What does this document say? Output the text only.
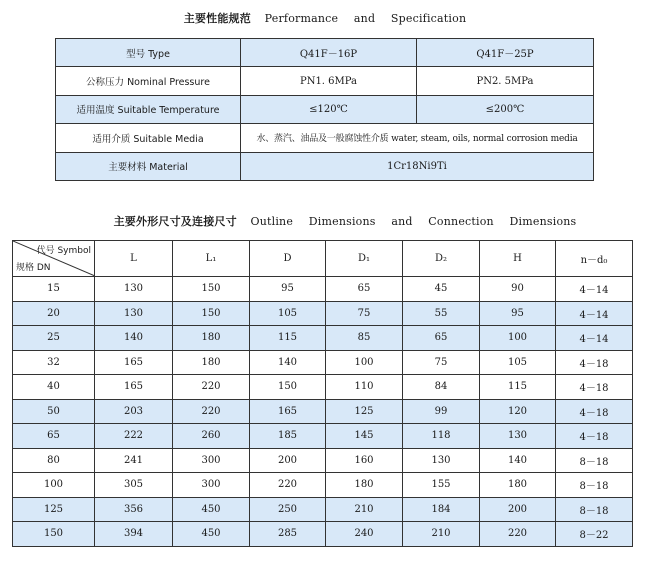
主要性能规范 Performance and Specification
型号 Type	Q41F－16P	Q41F－25P
公称压力 Nominal Pressure	PN1. 6MPa	PN2. 5MPa
适用温度 Suitable Temperature	≤120℃	≤200℃
适用介质 Suitable Media	水、蒸汽、油品及一般腐蚀性介质 water, steam, oils, normal corrosion media	
主要材料 Material	1Cr18Ni9Ti	
主要外形尺寸及连接尺寸 Outline Dimensions and Connection Dimensions
代号 Symbol
规格 DN	L	L₁	D	D₁	D₂	H	n－d₀
15	130	150	95	65	45	90	4－14
20	130	150	105	75	55	95	4－14
25	140	180	115	85	65	100	4－14
32	165	180	140	100	75	105	4－18
40	165	220	150	110	84	115	4－18
50	203	220	165	125	99	120	4－18
65	222	260	185	145	118	130	4－18
80	241	300	200	160	130	140	8－18
100	305	300	220	180	155	180	8－18
125	356	450	250	210	184	200	8－18
150	394	450	285	240	210	220	8－22
